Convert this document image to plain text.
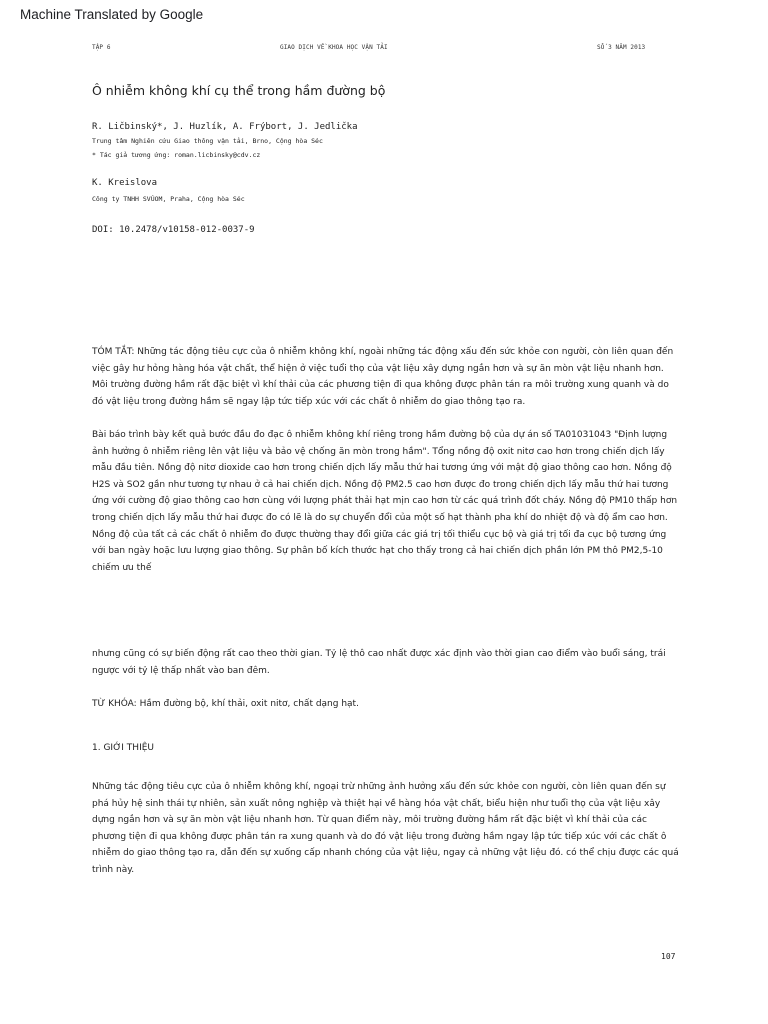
Machine Translated by Google
TẬP 6	GIAO DỊCH VỀ KHOA HỌC VẬN TẢI	SỐ 3 NĂM 2013
Ô nhiễm không khí cụ thể trong hầm đường bộ
R. Ličbinský*, J. Huzlík, A. Frýbort, J. Jedlička
Trung tâm Nghiên cứu Giao thông vận tải, Brno, Cộng hòa Séc
* Tác giả tương ứng: roman.licbinsky@cdv.cz
K. Kreislova
Công ty TNHH SVÚOM, Praha, Cộng hòa Séc
DOI: 10.2478/v10158-012-0037-9

TÓM TẮT: Những tác động tiêu cực của ô nhiễm không khí, ngoài những tác động xấu đến sức khỏe con người, còn liên quan đến việc gây hư hỏng hàng hóa vật chất, thể hiện ở việc tuổi thọ của vật liệu xây dựng ngắn hơn và sự ăn mòn vật liệu nhanh hơn. Môi trường đường hầm rất đặc biệt vì khí thải của các phương tiện đi qua không được phân tán ra môi trường xung quanh và do đó vật liệu trong đường hầm sẽ ngay lập tức tiếp xúc với các chất ô nhiễm do giao thông tạo ra.

Bài báo trình bày kết quả bước đầu đo đạc ô nhiễm không khí riêng trong hầm đường bộ của dự án số TA01031043 "Định lượng ảnh hưởng ô nhiễm riêng lên vật liệu và bảo vệ chống ăn mòn trong hầm". Tổng nồng độ oxit nitơ cao hơn trong chiến dịch lấy mẫu đầu tiên. Nồng độ nitơ dioxide cao hơn trong chiến dịch lấy mẫu thứ hai tương ứng với mật độ giao thông cao hơn. Nồng độ H2S và SO2 gần như tương tự nhau ở cả hai chiến dịch. Nồng độ PM2.5 cao hơn được đo trong chiến dịch lấy mẫu thứ hai tương ứng với cường độ giao thông cao hơn cùng với lượng phát thải hạt mịn cao hơn từ các quá trình đốt cháy. Nồng độ PM10 thấp hơn trong chiến dịch lấy mẫu thứ hai được đo có lẽ là do sự chuyển đổi của một số hạt thành pha khí do nhiệt độ và độ ẩm cao hơn. Nồng độ của tất cả các chất ô nhiễm đo được thường thay đổi giữa các giá trị tối thiểu cục bộ và giá trị tối đa cục bộ tương ứng với ban ngày hoặc lưu lượng giao thông. Sự phân bố kích thước hạt cho thấy trong cả hai chiến dịch phần lớn PM thô PM2,5-10 chiếm ưu thế

nhưng cũng có sự biến động rất cao theo thời gian. Tỷ lệ thô cao nhất được xác định vào thời gian cao điểm vào buổi sáng, trái ngược với tỷ lệ thấp nhất vào ban đêm.

TỪ KHÓA: Hầm đường bộ, khí thải, oxit nitơ, chất dạng hạt.

1. GIỚI THIỆU

Những tác động tiêu cực của ô nhiễm không khí, ngoại trừ những ảnh hưởng xấu đến sức khỏe con người, còn liên quan đến sự phá hủy hệ sinh thái tự nhiên, sản xuất nông nghiệp và thiệt hại về hàng hóa vật chất, biểu hiện như tuổi thọ của vật liệu xây dựng ngắn hơn và sự ăn mòn vật liệu nhanh hơn. Từ quan điểm này, môi trường đường hầm rất đặc biệt vì khí thải của các phương tiện đi qua không được phân tán ra xung quanh và do đó vật liệu trong đường hầm ngay lập tức tiếp xúc với các chất ô nhiễm do giao thông tạo ra, dẫn đến sự xuống cấp nhanh chóng của vật liệu, ngay cả những vật liệu đó. có thể chịu được các quá trình này.

107
